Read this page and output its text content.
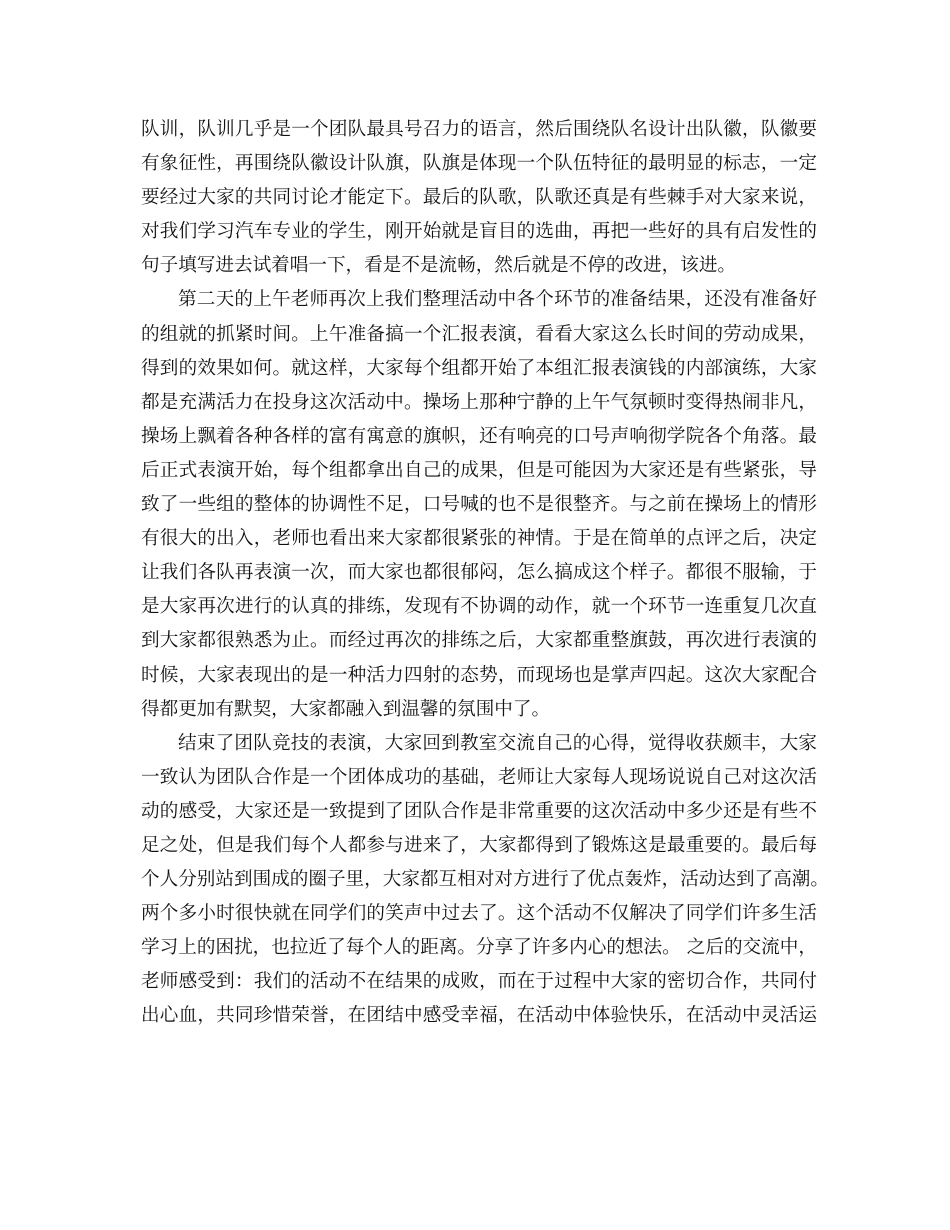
队训，队训几乎是一个团队最具号召力的语言，然后围绕队名设计出队徽，队徽要
有象征性，再围绕队徽设计队旗，队旗是体现一个队伍特征的最明显的标志，一定
要经过大家的共同讨论才能定下。最后的队歌，队歌还真是有些棘手对大家来说，
对我们学习汽车专业的学生，刚开始就是盲目的选曲，再把一些好的具有启发性的
句子填写进去试着唱一下，看是不是流畅，然后就是不停的改进，该进。
第二天的上午老师再次上我们整理活动中各个环节的准备结果，还没有准备好
的组就的抓紧时间。上午准备搞一个汇报表演，看看大家这么长时间的劳动成果，
得到的效果如何。就这样，大家每个组都开始了本组汇报表演钱的内部演练，大家
都是充满活力在投身这次活动中。操场上那种宁静的上午气氛顿时变得热闹非凡，
操场上飘着各种各样的富有寓意的旗帜，还有响亮的口号声响彻学院各个角落。最
后正式表演开始，每个组都拿出自己的成果，但是可能因为大家还是有些紧张，导
致了一些组的整体的协调性不足，口号喊的也不是很整齐。与之前在操场上的情形
有很大的出入，老师也看出来大家都很紧张的神情。于是在简单的点评之后，决定
让我们各队再表演一次，而大家也都很郁闷，怎么搞成这个样子。都很不服输，于
是大家再次进行的认真的排练，发现有不协调的动作，就一个环节一连重复几次直
到大家都很熟悉为止。而经过再次的排练之后，大家都重整旗鼓，再次进行表演的
时候，大家表现出的是一种活力四射的态势，而现场也是掌声四起。这次大家配合
得都更加有默契，大家都融入到温馨的氛围中了。
结束了团队竞技的表演，大家回到教室交流自己的心得，觉得收获颇丰，大家
一致认为团队合作是一个团体成功的基础，老师让大家每人现场说说自己对这次活
动的感受，大家还是一致提到了团队合作是非常重要的这次活动中多少还是有些不
足之处，但是我们每个人都参与进来了，大家都得到了锻炼这是最重要的。最后每
个人分别站到围成的圈子里，大家都互相对对方进行了优点轰炸，活动达到了高潮。
两个多小时很快就在同学们的笑声中过去了。这个活动不仅解决了同学们许多生活
学习上的困扰，也拉近了每个人的距离。分享了许多内心的想法。 之后的交流中，
老师感受到：我们的活动不在结果的成败，而在于过程中大家的密切合作，共同付
出心血，共同珍惜荣誉，在团结中感受幸福，在活动中体验快乐，在活动中灵活运
